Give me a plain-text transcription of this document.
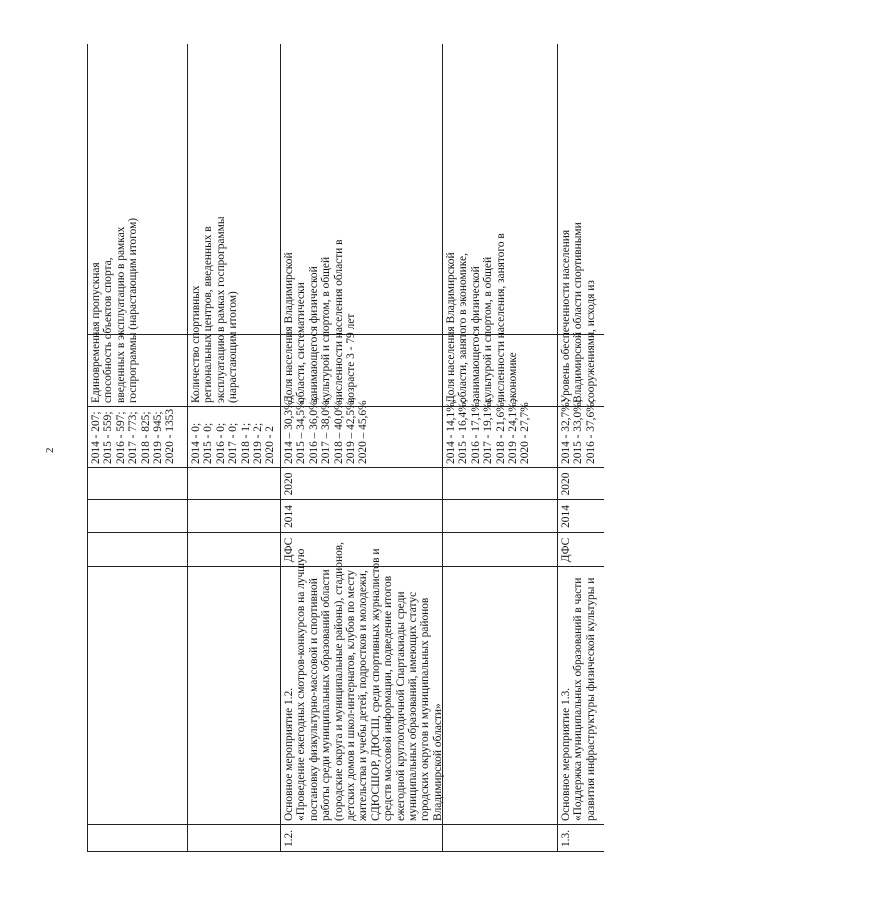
2	2014 - 207; 2015 - 559; 2016 - 597; 2017 - 773; 2018 - 825; 2019 - 945; 2020 - 1353
Единовременная пропускная способность объектов спорта, введенных в эксплуатацию в рамках госпрограммы (нарастающим итогом)
2014 - 0; 2015 - 0; 2016 - 0; 2017 - 0; 2018 - 1; 2019 - 2; 2020 - 2
Количество спортивных региональных центров, введенных в эксплуатацию в рамках госпрограммы (нарастающим итогом)
1.2.
Основное мероприятие 1.2. «Проведение ежегодных смотров-конкурсов на лучшую постановку физкультурно-массовой и спортивной работы среди муниципальных образований области (городские округа и муниципальные районы), стадионов, детских домов и школ-интернатов, клубов по месту жительства и учебы детей, подростков и молодежи, СДЮСШОР, ДЮСШ, среди спортивных журналистов и средств массовой информации, подведение итогов ежегодной круглогодичной Спартакиады среди муниципальных образований, имеющих статус городских округов и муниципальных районов Владимирской области»
ДФС
2014
2020
2014 – 30,3%; 2015 – 34,5%; 2016 – 36,0%; 2017 – 38,0%; 2018 – 40,0%; 2019 – 42,5%; 2020 – 45,6%
Доля населения Владимирской области, систематически занимающегося физической культурой и спортом, в общей численности населения области в возрасте 3 - 79 лет
2014 - 14,1%; 2015 - 16,4%; 2016 - 17,1%; 2017 - 19,1%; 2018 - 21,6%; 2019 - 24,1%; 2020 - 27,7%
Доля населения Владимирской области, занятого в экономике, занимающегося физической культурой и спортом, в общей численности населения, занятого в экономике
1.3.
Основное мероприятие 1.3. «Поддержка муниципальных образований в части развития инфраструктуры физической культуры и
ДФС
2014
2020
2014 - 32,7%; 2015 - 33,0%; 2016 - 37,6%;
Уровень обеспеченности населения Владимирской области спортивными сооружениями, исходя из
